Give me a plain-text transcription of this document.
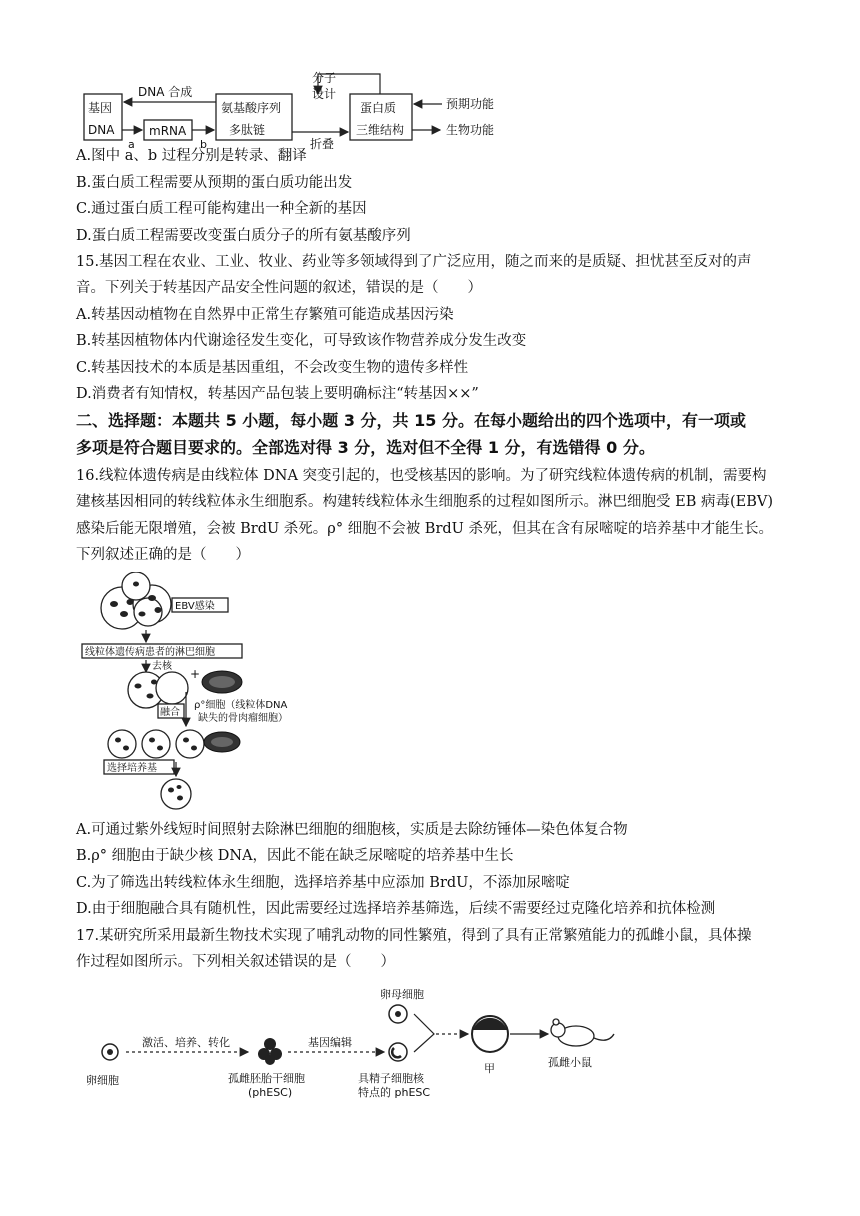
基因
DNA	mRNA
氨基酸序列
多肽链
蛋白质
三维结构
DNA 合成
a	b
分子
设计
折叠
预期功能
生物功能
A.图中 a、b 过程分别是转录、翻译
B.蛋白质工程需要从预期的蛋白质功能出发
C.通过蛋白质工程可能构建出一种全新的基因
D.蛋白质工程需要改变蛋白质分子的所有氨基酸序列
15.基因工程在农业、工业、牧业、药业等多领域得到了广泛应用，随之而来的是质疑、担忧甚至反对的声
音。下列关于转基因产品安全性问题的叙述，错误的是（　　）
A.转基因动植物在自然界中正常生存繁殖可能造成基因污染
B.转基因植物体内代谢途径发生变化，可导致该作物营养成分发生改变
C.转基因技术的本质是基因重组，不会改变生物的遗传多样性
D.消费者有知情权，转基因产品包装上要明确标注“转基因××”
二、选择题：本题共 5 小题，每小题 3 分，共 15 分。在每小题给出的四个选项中，有一项或
多项是符合题目要求的。全部选对得 3 分，选对但不全得 1 分，有选错得 0 分。
16.线粒体遗传病是由线粒体 DNA 突变引起的，也受核基因的影响。为了研究线粒体遗传病的机制，需要构
建核基因相同的转线粒体永生细胞系。构建转线粒体永生细胞系的过程如图所示。淋巴细胞受 EB 病毒(EBV)
感染后能无限增殖，会被 BrdU 杀死。ρ° 细胞不会被 BrdU 杀死，但其在含有尿嘧啶的培养基中才能生长。
下列叙述正确的是（　　）
EBV感染
线粒体遗传病患者的淋巴细胞
去核
+
融合
ρ°细胞（线粒体DNA
缺失的骨肉瘤细胞）
选择培养基
A.可通过紫外线短时间照射去除淋巴细胞的细胞核，实质是去除纺锤体—染色体复合物
B.ρ° 细胞由于缺少核 DNA，因此不能在缺乏尿嘧啶的培养基中生长
C.为了筛选出转线粒体永生细胞，选择培养基中应添加 BrdU，不添加尿嘧啶
D.由于细胞融合具有随机性，因此需要经过选择培养基筛选，后续不需要经过克隆化培养和抗体检测
17.某研究所采用最新生物技术实现了哺乳动物的同性繁殖，得到了具有正常繁殖能力的孤雌小鼠，具体操
作过程如图所示。下列相关叙述错误的是（　　）
卵细胞
激活、培养、转化
孤雌胚胎干细胞
(phESC)
基因编辑
具精子细胞核
特点的 phESC
卵母细胞
甲	孤雌小鼠
